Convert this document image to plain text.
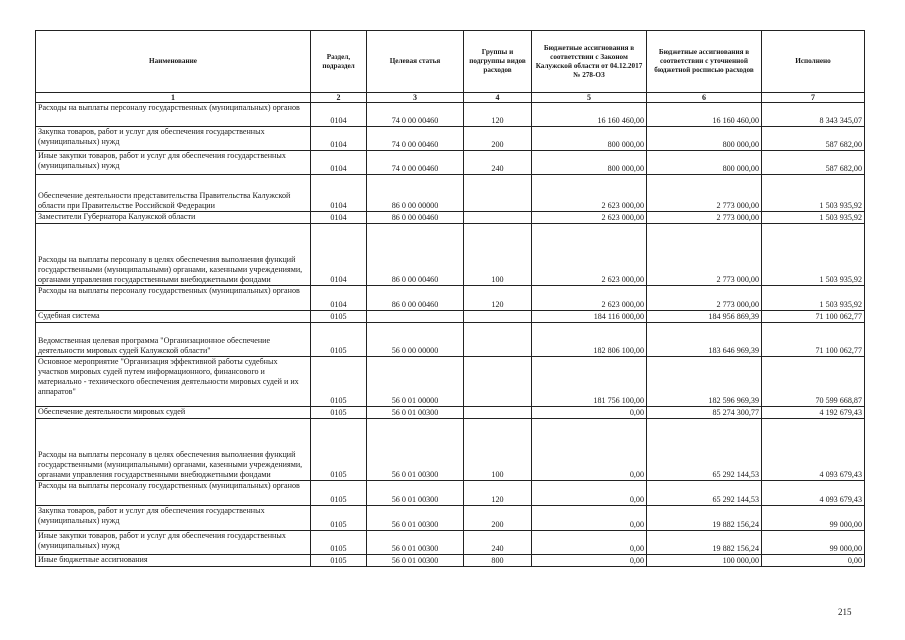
Наименование	Раздел, подраздел	Целевая статья	Группы и подгруппы видов расходов	Бюджетные ассигнования в соответствии с Законом Калужской области от 04.12.2017 № 278-ОЗ	Бюджетные ассигнования в соответствии с уточненной бюджетной росписью расходов	Исполнено
1	2	3	4	5	6	7
Расходы на выплаты персоналу государственных (муниципальных) органов	0104	74 0 00 00460	120	16 160 460,00	16 160 460,00	8 343 345,07
Закупка товаров, работ и услуг для обеспечения государственных (муниципальных) нужд	0104	74 0 00 00460	200	800 000,00	800 000,00	587 682,00
Иные закупки товаров, работ и услуг для обеспечения государственных (муниципальных) нужд	0104	74 0 00 00460	240	800 000,00	800 000,00	587 682,00
Обеспечение деятельности представительства Правительства Калужской области при Правительстве Российской Федерации	0104	86 0 00 00000		2 623 000,00	2 773 000,00	1 503 935,92
Заместители Губернатора Калужской области	0104	86 0 00 00460		2 623 000,00	2 773 000,00	1 503 935,92
Расходы на выплаты персоналу в целях обеспечения выполнения функций государственными (муниципальными) органами, казенными учреждениями, органами управления государственными внебюджетными фондами	0104	86 0 00 00460	100	2 623 000,00	2 773 000,00	1 503 935,92
Расходы на выплаты персоналу государственных (муниципальных) органов	0104	86 0 00 00460	120	2 623 000,00	2 773 000,00	1 503 935,92
Судебная система	0105			184 116 000,00	184 956 869,39	71 100 062,77
Ведомственная целевая программа "Организационное обеспечение деятельности мировых судей Калужской области"	0105	56 0 00 00000		182 806 100,00	183 646 969,39	71 100 062,77
Основное мероприятие "Организация эффективной работы судебных участков мировых судей путем информационного, финансового и материально - технического обеспечения деятельности мировых судей и их аппаратов"	0105	56 0 01 00000		181 756 100,00	182 596 969,39	70 599 668,87
Обеспечение деятельности мировых судей	0105	56 0 01 00300		0,00	85 274 300,77	4 192 679,43
Расходы на выплаты персоналу в целях обеспечения выполнения функций государственными (муниципальными) органами, казенными учреждениями, органами управления государственными внебюджетными фондами	0105	56 0 01 00300	100	0,00	65 292 144,53	4 093 679,43
Расходы на выплаты персоналу государственных (муниципальных) органов	0105	56 0 01 00300	120	0,00	65 292 144,53	4 093 679,43
Закупка товаров, работ и услуг для обеспечения государственных (муниципальных) нужд	0105	56 0 01 00300	200	0,00	19 882 156,24	99 000,00
Иные закупки товаров, работ и услуг для обеспечения государственных (муниципальных) нужд	0105	56 0 01 00300	240	0,00	19 882 156,24	99 000,00
Иные бюджетные ассигнования	0105	56 0 01 00300	800	0,00	100 000,00	0,00
215
